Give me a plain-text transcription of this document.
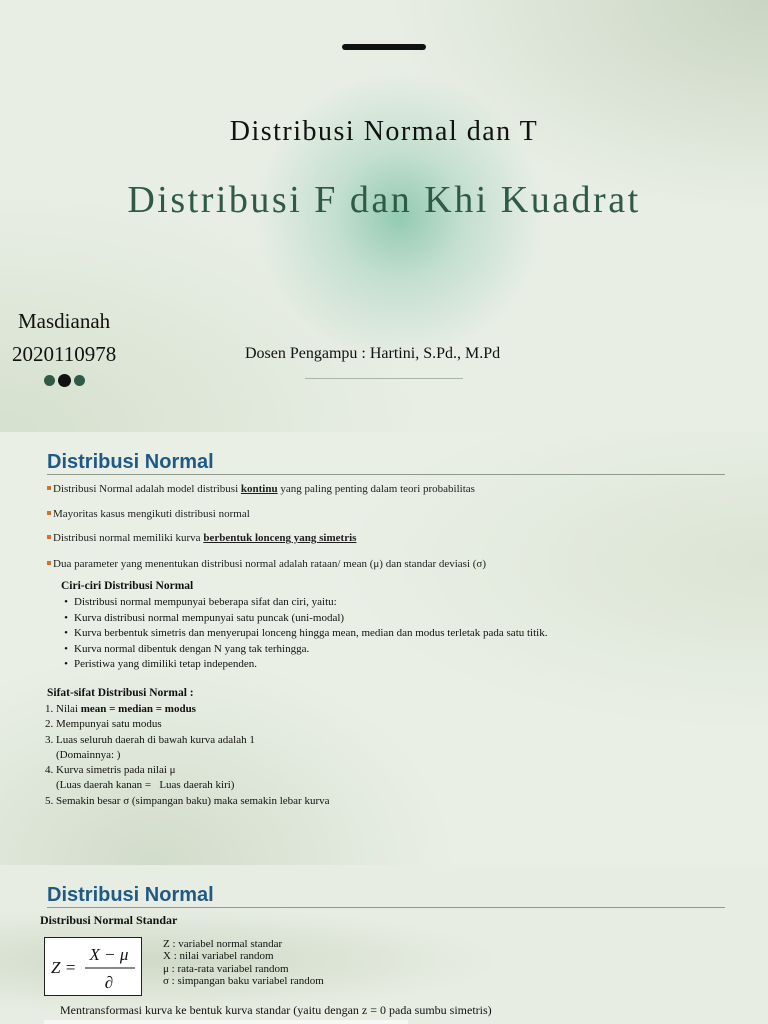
Distribusi Normal dan T
Distribusi F dan Khi Kuadrat
Masdianah
2020110978	Dosen Pengampu : Hartini, S.Pd., M.Pd
Distribusi Normal
Distribusi Normal adalah model distribusi kontinu yang paling penting dalam teori probabilitas
Mayoritas kasus mengikuti distribusi normal
Distribusi normal memiliki kurva berbentuk lonceng yang simetris
Dua parameter yang menentukan distribusi normal adalah rataan/ mean (μ) dan standar deviasi (σ)
Ciri-ciri Distribusi Normal
• Distribusi normal mempunyai beberapa sifat dan ciri, yaitu:
• Kurva distribusi normal mempunyai satu puncak (uni-modal)
• Kurva berbentuk simetris dan menyerupai lonceng hingga mean, median dan modus terletak pada satu titik.
• Kurva normal dibentuk dengan N yang tak terhingga.
• Peristiwa yang dimiliki tetap independen.
Sifat-sifat Distribusi Normal :
1. Nilai mean = median = modus
2. Mempunyai satu modus
3. Luas seluruh daerah di bawah kurva adalah 1
(Domainnya: )
4. Kurva simetris pada nilai μ
(Luas daerah kanan =   Luas daerah kiri)
5. Semakin besar σ (simpangan baku) maka semakin lebar kurva
Distribusi Normal
Distribusi Normal Standar
Z =
X − μ
∂
Z : variabel normal standar
X : nilai variabel random
μ : rata-rata variabel random
σ : simpangan baku variabel random
Mentransformasi kurva ke bentuk kurva standar (yaitu dengan z = 0 pada sumbu simetris)
